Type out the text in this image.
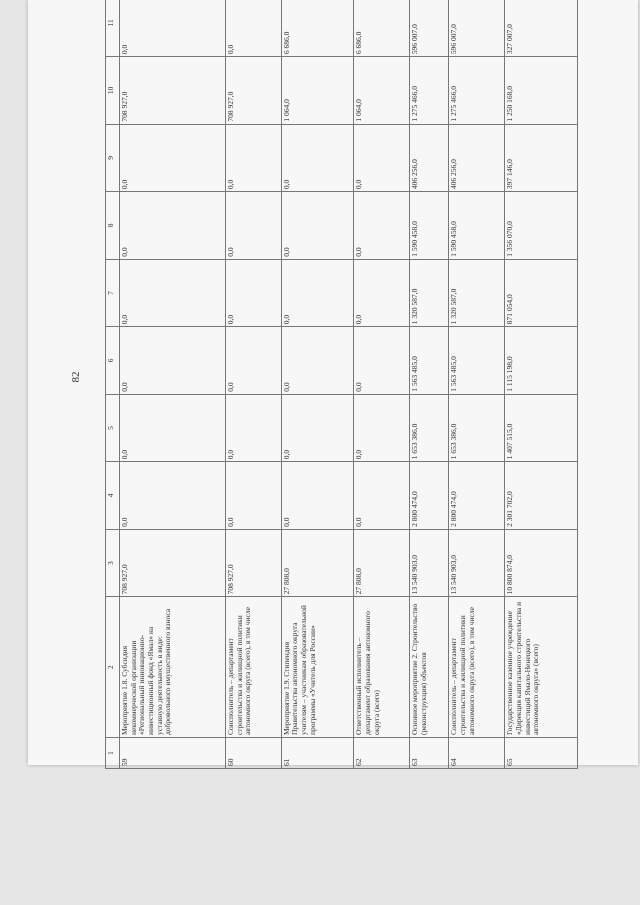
82
1	2	3	4	5	6	7	8	9	10	11			
59	Мероприятие 1.8. Субсидия некоммерческой организации «Региональный инновационно-инвестиционный фонд «Ямал» на уставную деятельность в виде: добровольного имущественного взноса	708 927,0	0,0	0,0	0,0	0,0	0,0	0,0	708 927,0	0,0			
60	Соисполнитель – департамент строительства и жилищной политики автономного округа (всего), в том числе	708 927,0	0,0	0,0	0,0	0,0	0,0	0,0	708 927,0	0,0			
61	Мероприятие 1.9. Стипендия Правительства автономного округа учителям – участникам образовательной программы «Учитель для России»	27 808,0	0,0	0,0	0,0	0,0	0,0	0,0	1 064,0	6 686,0			
62	Ответственный исполнитель – департамент образования автономного округа (всего)	27 808,0	0,0	0,0	0,0	0,0	0,0	0,0	1 064,0	6 686,0			
63	Основное мероприятие 2. Строительство (реконструкция) объектов	13 540 903,0	2 800 474,0	1 653 386,0	1 563 485,0	1 320 587,0	1 590 458,0	406 256,0	1 275 466,0	596 007,0			
64	Соисполнитель – департамент строительства и жилищной политики автономного округа (всего), в том числе	13 540 903,0	2 800 474,0	1 653 386,0	1 563 485,0	1 320 587,0	1 590 458,0	406 256,0	1 275 466,0	596 007,0			
65	Государственное казенное учреждение «Дирекция капитального строительства и инвестиций Ямало-Ненецкого автономного округа» (всего)	10 800 874,0	2 301 702,0	1 407 515,0	1 115 198,0	871 054,0	1 356 070,0	397 146,0	1 250 168,0	327 007,0			
